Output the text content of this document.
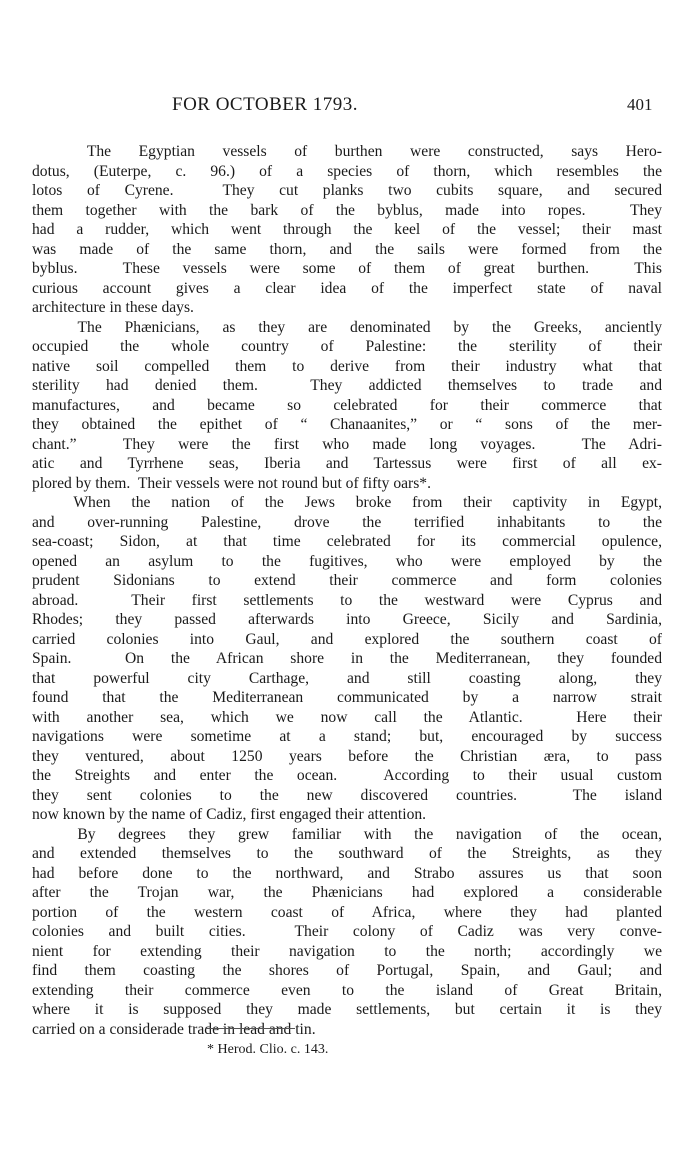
FOR OCTOBER 1793.	401
The Egyptian vessels of burthen were constructed, says Hero-
dotus, (Euterpe, c. 96.) of a species of thorn, which resembles the
lotos of Cyrene.  They cut planks two cubits square, and secured
them together with the bark of the byblus, made into ropes.  They
had a rudder, which went through the keel of the vessel; their mast
was made of the same thorn, and the sails were formed from the
byblus.  These vessels were some of them of great burthen.  This
curious account gives a clear idea of the imperfect state of naval
architecture in these days.
The Phænicians, as they are denominated by the Greeks, anciently
occupied the whole country of Palestine: the sterility of their
native soil compelled them to derive from their industry what that
sterility had denied them.  They addicted themselves to trade and
manufactures, and became so celebrated for their commerce that
they obtained the epithet of “ Chanaanites,” or “ sons of the mer-
chant.”  They were the first who made long voyages.  The Adri-
atic and Tyrrhene seas, Iberia and Tartessus were first of all ex-
plored by them.  Their vessels were not round but of fifty oars*.
When the nation of the Jews broke from their captivity in Egypt,
and over-running Palestine, drove the terrified inhabitants to the
sea-coast; Sidon, at that time celebrated for its commercial opulence,
opened an asylum to the fugitives, who were employed by the
prudent Sidonians to extend their commerce and form colonies
abroad.  Their first settlements to the westward were Cyprus and
Rhodes; they passed afterwards into Greece, Sicily and Sardinia,
carried colonies into Gaul, and explored the southern coast of
Spain.  On the African shore in the Mediterranean, they founded
that powerful city Carthage, and still coasting along, they
found that the Mediterranean communicated by a narrow strait
with another sea, which we now call the Atlantic.  Here their
navigations were sometime at a stand; but, encouraged by success
they ventured, about 1250 years before the Christian æra, to pass
the Streights and enter the ocean.  According to their usual custom
they sent colonies to the new discovered countries.  The island
now known by the name of Cadiz, first engaged their attention.
By degrees they grew familiar with the navigation of the ocean,
and extended themselves to the southward of the Streights, as they
had before done to the northward, and Strabo assures us that soon
after the Trojan war, the Phænicians had explored a considerable
portion of the western coast of Africa, where they had planted
colonies and built cities.  Their colony of Cadiz was very conve-
nient for extending their navigation to the north; accordingly we
find them coasting the shores of Portugal, Spain, and Gaul; and
extending their commerce even to the island of Great Britain,
where it is supposed they made settlements, but certain it is they
carried on a considerade trade in lead and tin.
* Herod. Clio. c. 143.
